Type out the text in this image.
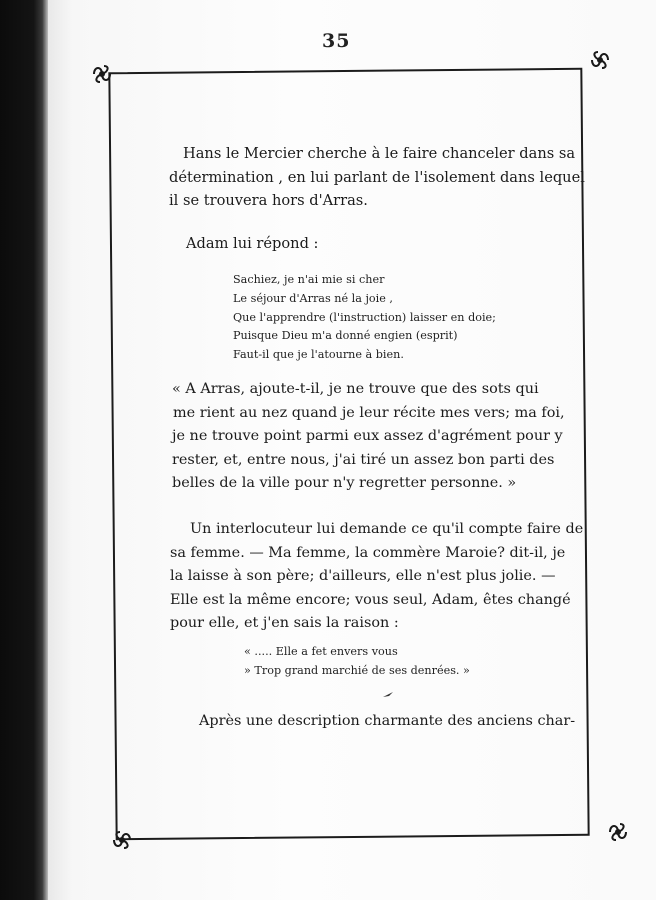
35
Hans le Mercier cherche à le faire chanceler dans sa
détermination , en lui parlant de l'isolement dans lequel
il se trouvera hors d'Arras.
Adam lui répond :
Sachiez, je n'ai mie si cher
Le séjour d'Arras né la joie ,
Que l'apprendre (l'instruction) laisser en doie;
Puisque Dieu m'a donné engien (esprit)
Faut-il que je l'atourne à bien.
« A Arras, ajoute-t-il, je ne trouve que des sots qui
me rient au nez quand je leur récite mes vers; ma foi,
je ne trouve point parmi eux assez d'agrément pour y
rester, et, entre nous, j'ai tiré un assez bon parti des
belles de la ville pour n'y regretter personne. »
Un interlocuteur lui demande ce qu'il compte faire de
sa femme. — Ma femme, la commère Maroie? dit-il, je
la laisse à son père; d'ailleurs, elle n'est plus jolie. —
Elle est la même encore; vous seul, Adam, êtes changé
pour elle, et j'en sais la raison :
« ..... Elle a fet envers vous
» Trop grand marchié de ses denrées. »
Après une description charmante des anciens char-
